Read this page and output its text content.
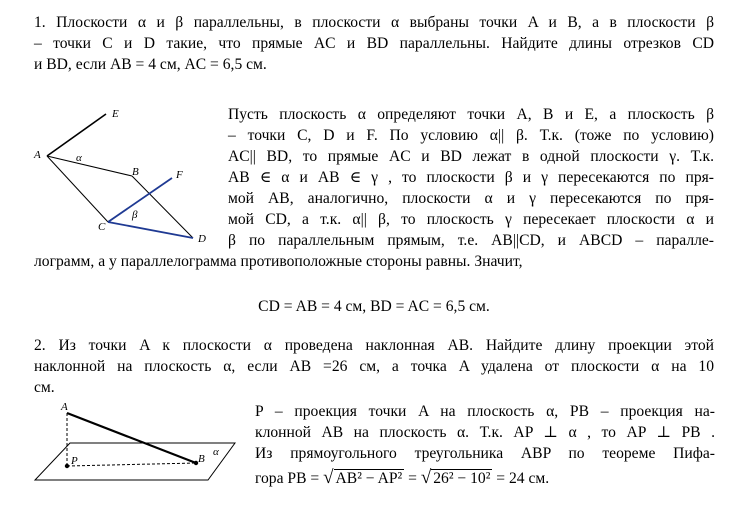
1. Плоскости α и β параллельны, в плоскости α выбраны точки A и B, а в плоскости β
– точки C и D такие, что прямые AC и BD параллельны. Найдите длины отрезков CD
и BD, если AB = 4 см, AC = 6,5 см.
E
A	α
B	F
β
C
D
Пусть плоскость α определяют точки A, B и E, а плоскость β
– точки C, D и F. По условию α|| β. Т.к. (тоже по условию)
AC|| BD, то прямые AC и BD лежат в одной плоскости γ. Т.к.
AB ∈ α и AB ∈ γ , то плоскости β и γ пересекаются по пря-
мой AB, аналогично, плоскости α и γ пересекаются по пря-
мой CD, а т.к. α|| β, то плоскость γ пересекает плоскости α и
β по параллельным прямым, т.е. AB||CD, и ABCD – паралле-
лограмм, а у параллелограмма противоположные стороны равны. Значит,
CD = AB = 4 см, BD = AC = 6,5 см.
2. Из точки A к плоскости α проведена наклонная AB. Найдите длину проекции этой
наклонной на плоскость α, если AB =26 см, а точка A удалена от плоскости α на 10
см.
A
P	B
α
P – проекция точки A на плоскость α, PB – проекция на-
клонной AB на плоскость α. Т.к. AP ⊥ α , то AP ⊥ PB .
Из прямоугольного треугольника ABP по теореме Пифа-
гора PB = √ AB² − AP² = √ 26² − 10² = 24 см.
